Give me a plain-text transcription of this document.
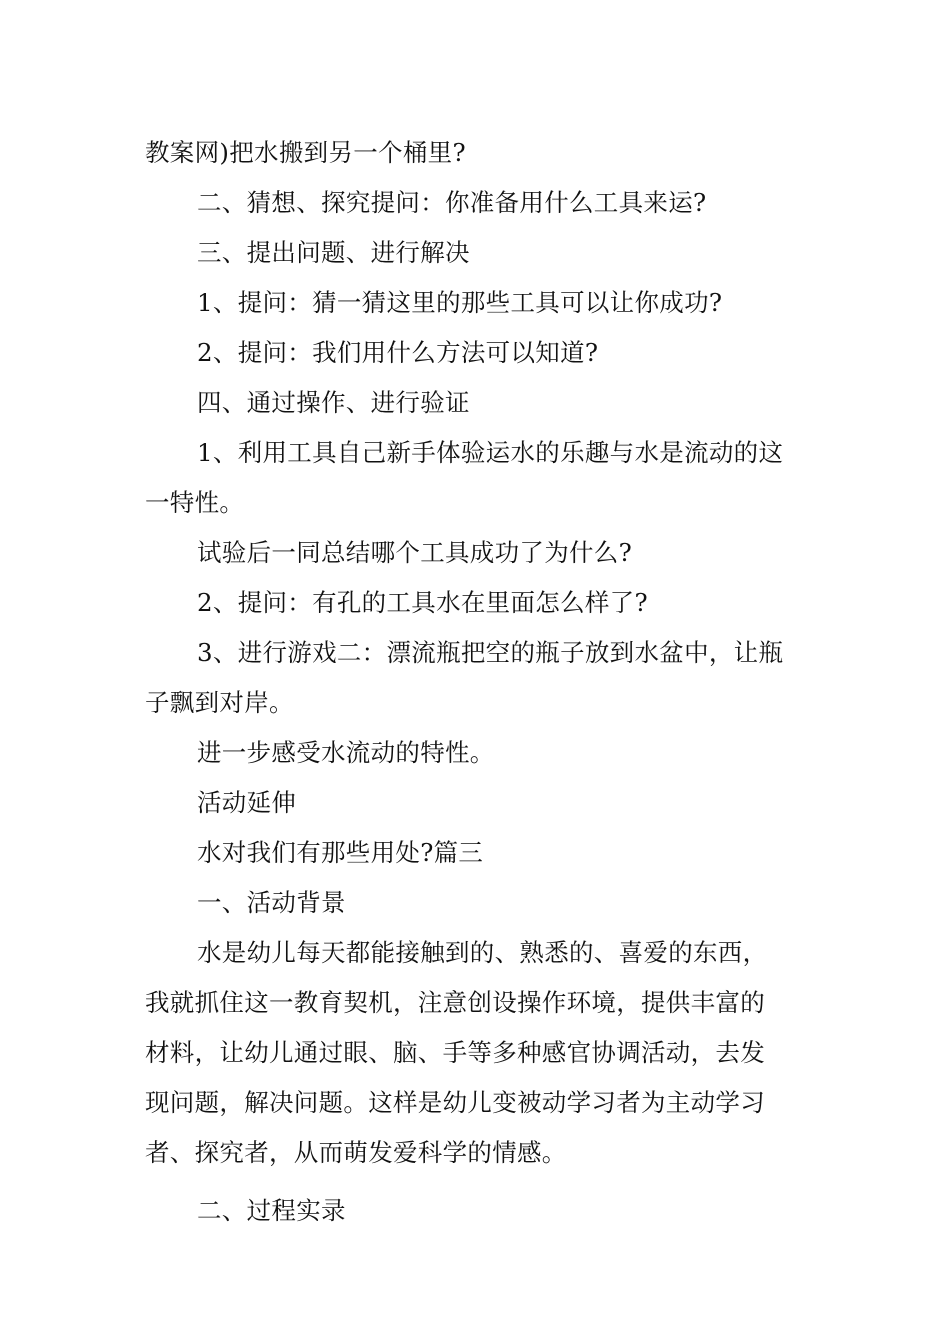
教案网)把水搬到另一个桶里?
二、猜想、探究提问：你准备用什么工具来运?
三、提出问题、进行解决
1、提问：猜一猜这里的那些工具可以让你成功?
2、提问：我们用什么方法可以知道?
四、通过操作、进行验证
1、利用工具自己新手体验运水的乐趣与水是流动的这
一特性。
试验后一同总结哪个工具成功了为什么?
2、提问：有孔的工具水在里面怎么样了?
3、进行游戏二：漂流瓶把空的瓶子放到水盆中，让瓶
子飘到对岸。
进一步感受水流动的特性。
活动延伸
水对我们有那些用处?篇三
一、活动背景
水是幼儿每天都能接触到的、熟悉的、喜爱的东西，
我就抓住这一教育契机，注意创设操作环境，提供丰富的
材料，让幼儿通过眼、脑、手等多种感官协调活动，去发
现问题，解决问题。这样是幼儿变被动学习者为主动学习
者、探究者，从而萌发爱科学的情感。
二、过程实录
